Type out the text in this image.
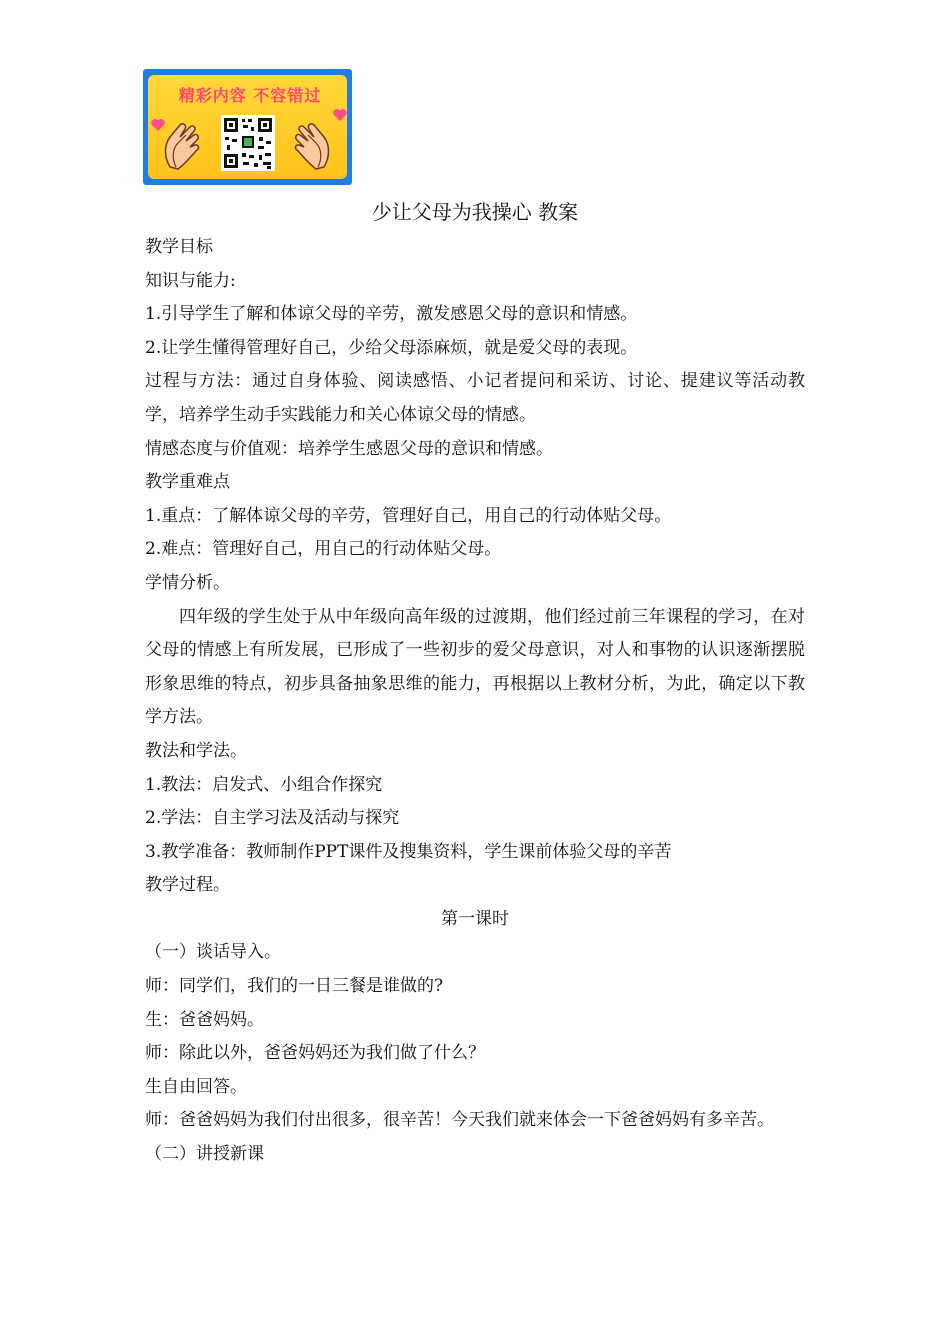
精彩内容 不容错过
少让父母为我操心 教案
教学目标
知识与能力:
1.引导学生了解和体谅父母的辛劳，激发感恩父母的意识和情感。
2.让学生懂得管理好自己，少给父母添麻烦，就是爱父母的表现。
过程与方法：通过自身体验、阅读感悟、小记者提问和采访、讨论、提建议等活动教学，培养学生动手实践能力和关心体谅父母的情感。
情感态度与价值观：培养学生感恩父母的意识和情感。
教学重难点
1.重点：了解体谅父母的辛劳，管理好自己，用自己的行动体贴父母。
2.难点：管理好自己，用自己的行动体贴父母。
学情分析。
四年级的学生处于从中年级向高年级的过渡期，他们经过前三年课程的学习，在对父母的情感上有所发展，已形成了一些初步的爱父母意识，对人和事物的认识逐渐摆脱形象思维的特点，初步具备抽象思维的能力，再根据以上教材分析，为此，确定以下教学方法。
教法和学法。
1.教法：启发式、小组合作探究
2.学法：自主学习法及活动与探究
3.教学准备：教师制作PPT课件及搜集资料，学生课前体验父母的辛苦
教学过程。
第一课时
（一）谈话导入。
师：同学们，我们的一日三餐是谁做的?
生：爸爸妈妈。
师：除此以外，爸爸妈妈还为我们做了什么？
生自由回答。
师：爸爸妈妈为我们付出很多，很辛苦！今天我们就来体会一下爸爸妈妈有多辛苦。
（二）讲授新课
